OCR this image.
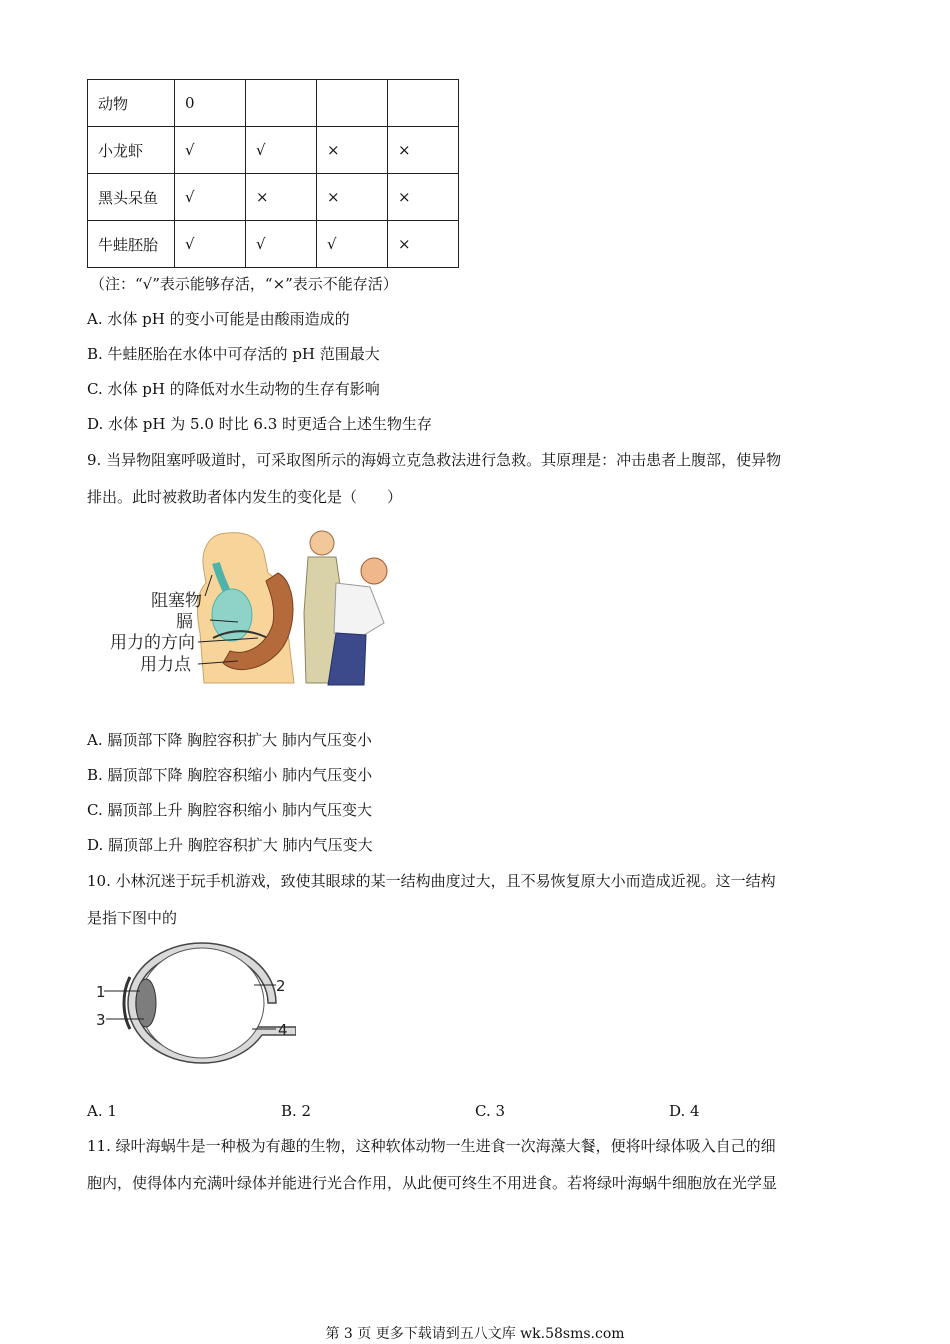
动物	0			
小龙虾	√	√	×	×
黑头呆鱼	√	×	×	×
牛蛙胚胎	√	√	√	×
（注：“√”表示能够存活，“×”表示不能存活）
A. 水体 pH 的变小可能是由酸雨造成的
B. 牛蛙胚胎在水体中可存活的 pH 范围最大
C. 水体 pH 的降低对水生动物的生存有影响
D. 水体 pH 为 5.0 时比 6.3 时更适合上述生物生存
9. 当异物阻塞呼吸道时，可采取图所示的海姆立克急救法进行急救。其原理是：冲击患者上腹部，使异物
排出。此时被救助者体内发生的变化是（　　）
阻塞物
膈
用力的方向
用力点
A. 膈顶部下降 胸腔容积扩大 肺内气压变小
B. 膈顶部下降 胸腔容积缩小 肺内气压变小
C. 膈顶部上升 胸腔容积缩小 肺内气压变大
D. 膈顶部上升 胸腔容积扩大 肺内气压变大
10. 小林沉迷于玩手机游戏，致使其眼球的某一结构曲度过大，且不易恢复原大小而造成近视。这一结构
是指下图中的
1	2
3
4
A. 1	B. 2	C. 3	D. 4
11. 绿叶海蜗牛是一种极为有趣的生物，这种软体动物一生进食一次海藻大餐，便将叶绿体吸入自己的细
胞内，使得体内充满叶绿体并能进行光合作用，从此便可终生不用进食。若将绿叶海蜗牛细胞放在光学显
第 3 页 更多下载请到五八文库 wk.58sms.com
